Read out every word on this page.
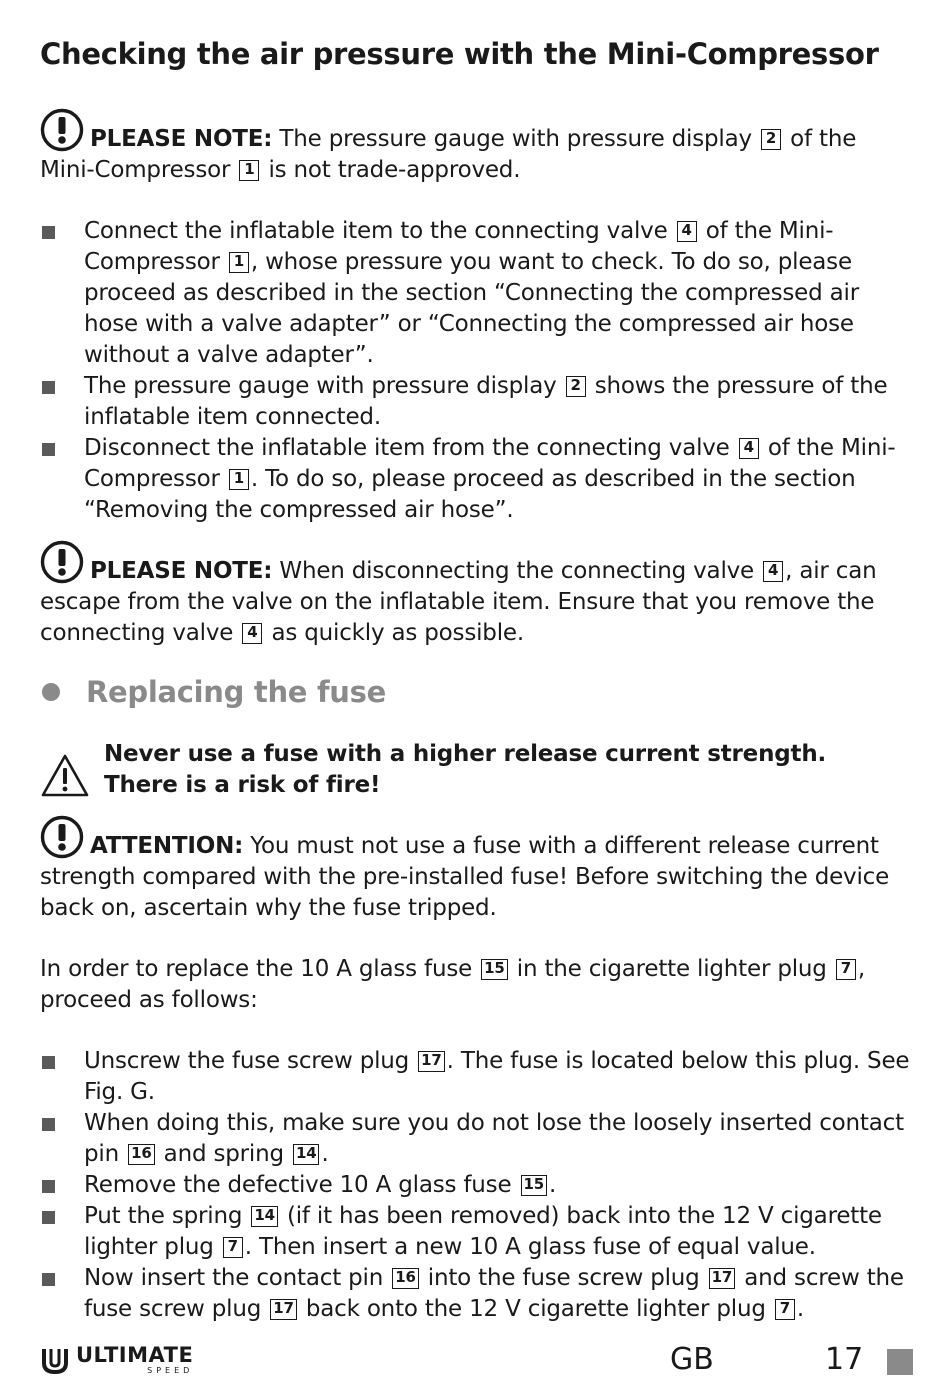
Checking the air pressure with the Mini-Compressor

PLEASE NOTE: The pressure gauge with pressure display 2 of the Mini-Compressor 1 is not trade-approved.

Connect the inflatable item to the connecting valve 4 of the Mini-Compressor 1 , whose pressure you want to check. To do so, please proceed as described in the section “Connecting the compressed air hose with a valve adapter” or “Connecting the compressed air hose without a valve adapter”.
The pressure gauge with pressure display 2 shows the pressure of the inflatable item connected.
Disconnect the inflatable item from the connecting valve 4 of the Mini-Compressor 1 . To do so, please proceed as described in the section “Removing the compressed air hose”.

PLEASE NOTE: When disconnecting the connecting valve 4 , air can escape from the valve on the inflatable item. Ensure that you remove the connecting valve 4 as quickly as possible.

Replacing the fuse
Never use a fuse with a higher release current strength.
There is a risk of fire!

ATTENTION: You must not use a fuse with a different release current strength compared with the pre-installed fuse! Before switching the device back on, ascertain why the fuse tripped.

In order to replace the 10 A glass fuse 15 in the cigarette lighter plug 7 , proceed as follows:

Unscrew the fuse screw plug 17 . The fuse is located below this plug. See Fig. G.
When doing this, make sure you do not lose the loosely inserted contact pin 16 and spring 14 .
Remove the defective 10 A glass fuse 15 .
Put the spring 14 (if it has been removed) back into the 12 V cigarette lighter plug 7 . Then insert a new 10 A glass fuse of equal value.
Now insert the contact pin 16 into the fuse screw plug 17 and screw the fuse screw plug 17 back onto the 12 V cigarette lighter plug 7 .
ULTIMATE
SPEED	GB	17
